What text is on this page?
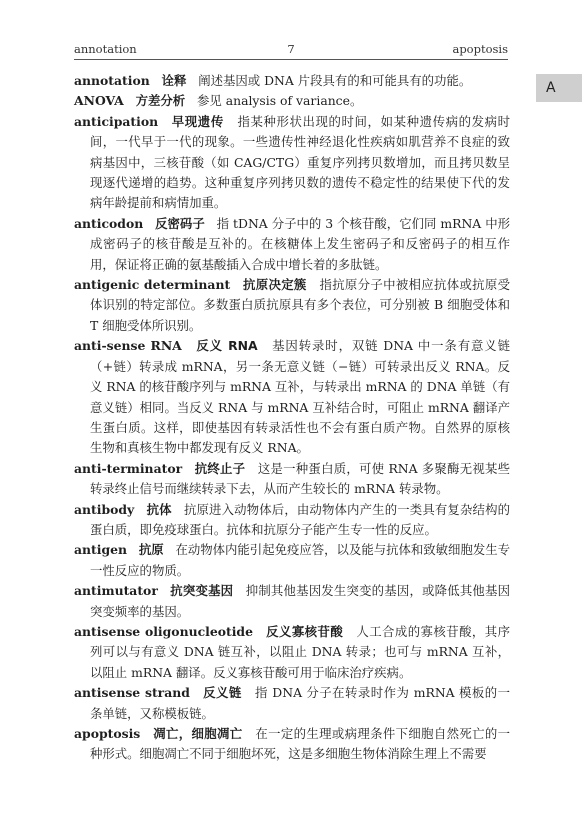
annotation	7	apoptosis
A

annotation 诠释 阐述基因或 DNA 片段具有的和可能具有的功能。

ANOVA 方差分析 参见 analysis of variance。

anticipation 早现遗传 指某种形状出现的时间，如某种遗传病的发病时间，一代早于一代的现象。一些遗传性神经退化性疾病如肌营养不良症的致病基因中，三核苷酸（如 CAG/CTG）重复序列拷贝数增加，而且拷贝数呈现逐代递增的趋势。这种重复序列拷贝数的遗传不稳定性的结果使下代的发病年龄提前和病情加重。

anticodon 反密码子 指 tDNA 分子中的 3 个核苷酸，它们同 mRNA 中形成密码子的核苷酸是互补的。在核糖体上发生密码子和反密码子的相互作用，保证将正确的氨基酸插入合成中增长着的多肽链。

antigenic determinant 抗原决定簇 指抗原分子中被相应抗体或抗原受体识别的特定部位。多数蛋白质抗原具有多个表位，可分别被 B 细胞受体和 T 细胞受体所识别。

anti-sense RNA 反义 RNA 基因转录时，双链 DNA 中一条有意义链（+链）转录成 mRNA，另一条无意义链（−链）可转录出反义 RNA。反义 RNA 的核苷酸序列与 mRNA 互补，与转录出 mRNA 的 DNA 单链（有意义链）相同。当反义 RNA 与 mRNA 互补结合时，可阻止 mRNA 翻译产生蛋白质。这样，即使基因有转录活性也不会有蛋白质产物。自然界的原核生物和真核生物中都发现有反义 RNA。

anti-terminator 抗终止子 这是一种蛋白质，可使 RNA 多聚酶无视某些转录终止信号而继续转录下去，从而产生较长的 mRNA 转录物。

antibody 抗体 抗原进入动物体后，由动物体内产生的一类具有复杂结构的蛋白质，即免疫球蛋白。抗体和抗原分子能产生专一性的反应。

antigen 抗原 在动物体内能引起免疫应答，以及能与抗体和致敏细胞发生专一性反应的物质。

antimutator 抗突变基因 抑制其他基因发生突变的基因，或降低其他基因突变频率的基因。

antisense oligonucleotide 反义寡核苷酸 人工合成的寡核苷酸，其序列可以与有意义 DNA 链互补，以阻止 DNA 转录；也可与 mRNA 互补，以阻止 mRNA 翻译。反义寡核苷酸可用于临床治疗疾病。

antisense strand 反义链 指 DNA 分子在转录时作为 mRNA 模板的一条单链，又称模板链。

apoptosis 凋亡，细胞凋亡 在一定的生理或病理条件下细胞自然死亡的一种形式。细胞凋亡不同于细胞坏死，这是多细胞生物体消除生理上不需要
